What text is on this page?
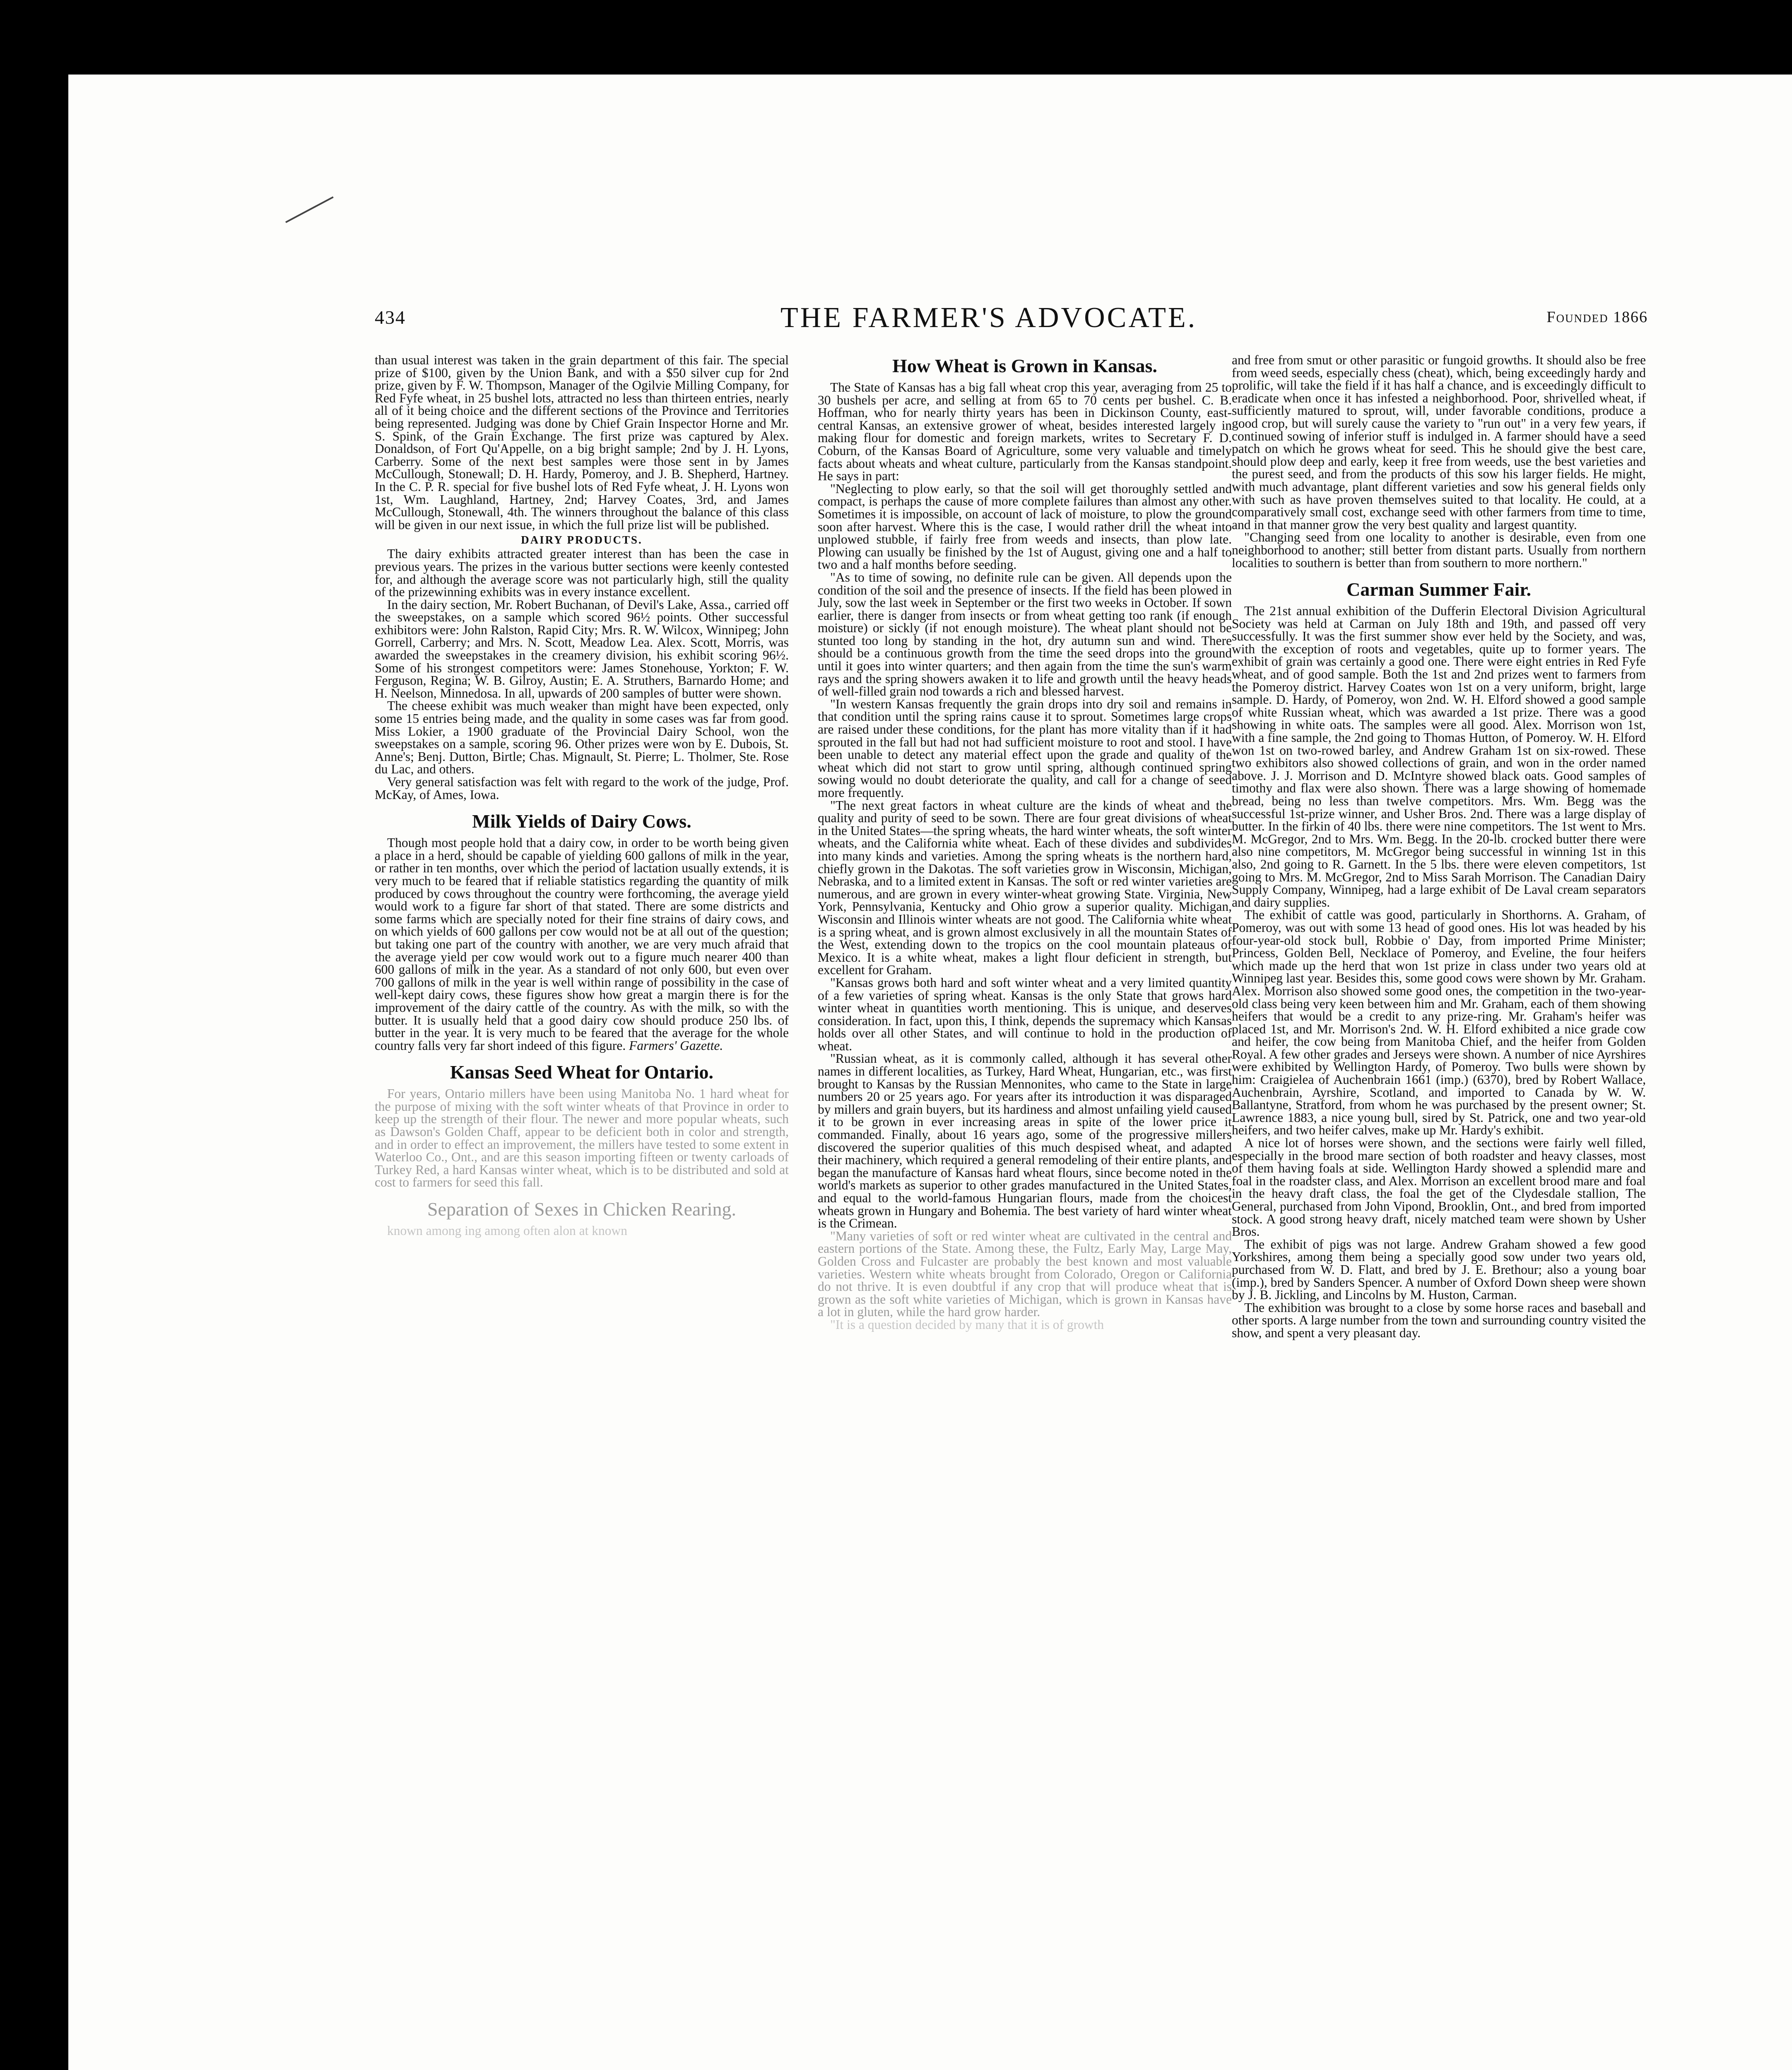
434	THE FARMER'S ADVOCATE.	Founded 1866

than usual interest was taken in the grain department of this fair. The special prize of $100, given by the Union Bank, and with a $50 silver cup for 2nd prize, given by F. W. Thompson, Manager of the Ogilvie Milling Company, for Red Fyfe wheat, in 25 bushel lots, attracted no less than thirteen entries, nearly all of it being choice and the different sections of the Province and Territories being represented. Judging was done by Chief Grain Inspector Horne and Mr. S. Spink, of the Grain Exchange. The first prize was captured by Alex. Donaldson, of Fort Qu'Appelle, on a big bright sample; 2nd by J. H. Lyons, Carberry. Some of the next best samples were those sent in by James McCullough, Stonewall; D. H. Hardy, Pomeroy, and J. B. Shepherd, Hartney. In the C. P. R. special for five bushel lots of Red Fyfe wheat, J. H. Lyons won 1st, Wm. Laughland, Hartney, 2nd; Harvey Coates, 3rd, and James McCullough, Stonewall, 4th. The winners throughout the balance of this class will be given in our next issue, in which the full prize list will be published.

DAIRY PRODUCTS.

The dairy exhibits attracted greater interest than has been the case in previous years. The prizes in the various butter sections were keenly contested for, and although the average score was not particularly high, still the quality of the prizewinning exhibits was in every instance excellent.

In the dairy section, Mr. Robert Buchanan, of Devil's Lake, Assa., carried off the sweepstakes, on a sample which scored 96½ points. Other successful exhibitors were: John Ralston, Rapid City; Mrs. R. W. Wilcox, Winnipeg; John Gorrell, Carberry; and Mrs. N. Scott, Meadow Lea. Alex. Scott, Morris, was awarded the sweepstakes in the creamery division, his exhibit scoring 96½. Some of his strongest competitors were: James Stonehouse, Yorkton; F. W. Ferguson, Regina; W. B. Gilroy, Austin; E. A. Struthers, Barnardo Home; and H. Neelson, Minnedosa. In all, upwards of 200 samples of butter were shown.

The cheese exhibit was much weaker than might have been expected, only some 15 entries being made, and the quality in some cases was far from good. Miss Lokier, a 1900 graduate of the Provincial Dairy School, won the sweepstakes on a sample, scoring 96. Other prizes were won by E. Dubois, St. Anne's; Benj. Dutton, Birtle; Chas. Mignault, St. Pierre; L. Tholmer, Ste. Rose du Lac, and others.

Very general satisfaction was felt with regard to the work of the judge, Prof. McKay, of Ames, Iowa.

Milk Yields of Dairy Cows.

Though most people hold that a dairy cow, in order to be worth being given a place in a herd, should be capable of yielding 600 gallons of milk in the year, or rather in ten months, over which the period of lactation usually extends, it is very much to be feared that if reliable statistics regarding the quantity of milk produced by cows throughout the country were forthcoming, the average yield would work to a figure far short of that stated. There are some districts and some farms which are specially noted for their fine strains of dairy cows, and on which yields of 600 gallons per cow would not be at all out of the question; but taking one part of the country with another, we are very much afraid that the average yield per cow would work out to a figure much nearer 400 than 600 gallons of milk in the year. As a standard of not only 600, but even over 700 gallons of milk in the year is well within range of possibility in the case of well-kept dairy cows, these figures show how great a margin there is for the improvement of the dairy cattle of the country. As with the milk, so with the butter. It is usually held that a good dairy cow should produce 250 lbs. of butter in the year. It is very much to be feared that the average for the whole country falls very far short indeed of this figure. Farmers' Gazette.

Kansas Seed Wheat for Ontario.

For years, Ontario millers have been using Manitoba No. 1 hard wheat for the purpose of mixing with the soft winter wheats of that Province in order to keep up the strength of their flour. The newer and more popular wheats, such as Dawson's Golden Chaff, appear to be deficient both in color and strength, and in order to effect an improvement, the millers have tested to some extent in Waterloo Co., Ont., and are this season importing fifteen or twenty carloads of Turkey Red, a hard Kansas winter wheat, which is to be distributed and sold at cost to farmers for seed this fall.

Separation of Sexes in Chicken Rearing.

known among ing among often alon at known

How Wheat is Grown in Kansas.

The State of Kansas has a big fall wheat crop this year, averaging from 25 to 30 bushels per acre, and selling at from 65 to 70 cents per bushel. C. B. Hoffman, who for nearly thirty years has been in Dickinson County, east-central Kansas, an extensive grower of wheat, besides interested largely in making flour for domestic and foreign markets, writes to Secretary F. D. Coburn, of the Kansas Board of Agriculture, some very valuable and timely facts about wheats and wheat culture, particularly from the Kansas standpoint. He says in part:

"Neglecting to plow early, so that the soil will get thoroughly settled and compact, is perhaps the cause of more complete failures than almost any other. Sometimes it is impossible, on account of lack of moisture, to plow the ground soon after harvest. Where this is the case, I would rather drill the wheat into unplowed stubble, if fairly free from weeds and insects, than plow late. Plowing can usually be finished by the 1st of August, giving one and a half to two and a half months before seeding.

"As to time of sowing, no definite rule can be given. All depends upon the condition of the soil and the presence of insects. If the field has been plowed in July, sow the last week in September or the first two weeks in October. If sown earlier, there is danger from insects or from wheat getting too rank (if enough moisture) or sickly (if not enough moisture). The wheat plant should not be stunted too long by standing in the hot, dry autumn sun and wind. There should be a continuous growth from the time the seed drops into the ground until it goes into winter quarters; and then again from the time the sun's warm rays and the spring showers awaken it to life and growth until the heavy heads of well-filled grain nod towards a rich and blessed harvest.

"In western Kansas frequently the grain drops into dry soil and remains in that condition until the spring rains cause it to sprout. Sometimes large crops are raised under these conditions, for the plant has more vitality than if it had sprouted in the fall but had not had sufficient moisture to root and stool. I have been unable to detect any material effect upon the grade and quality of the wheat which did not start to grow until spring, although continued spring sowing would no doubt deteriorate the quality, and call for a change of seed more frequently.

"The next great factors in wheat culture are the kinds of wheat and the quality and purity of seed to be sown. There are four great divisions of wheat in the United States—the spring wheats, the hard winter wheats, the soft winter wheats, and the California white wheat. Each of these divides and subdivides into many kinds and varieties. Among the spring wheats is the northern hard, chiefly grown in the Dakotas. The soft varieties grow in Wisconsin, Michigan, Nebraska, and to a limited extent in Kansas. The soft or red winter varieties are numerous, and are grown in every winter-wheat growing State. Virginia, New York, Pennsylvania, Kentucky and Ohio grow a superior quality. Michigan, Wisconsin and Illinois winter wheats are not good. The California white wheat is a spring wheat, and is grown almost exclusively in all the mountain States of the West, extending down to the tropics on the cool mountain plateaus of Mexico. It is a white wheat, makes a light flour deficient in strength, but excellent for Graham.

"Kansas grows both hard and soft winter wheat and a very limited quantity of a few varieties of spring wheat. Kansas is the only State that grows hard winter wheat in quantities worth mentioning. This is unique, and deserves consideration. In fact, upon this, I think, depends the supremacy which Kansas holds over all other States, and will continue to hold in the production of wheat.

"Russian wheat, as it is commonly called, although it has several other names in different localities, as Turkey, Hard Wheat, Hungarian, etc., was first brought to Kansas by the Russian Mennonites, who came to the State in large numbers 20 or 25 years ago. For years after its introduction it was disparaged by millers and grain buyers, but its hardiness and almost unfailing yield caused it to be grown in ever increasing areas in spite of the lower price it commanded. Finally, about 16 years ago, some of the progressive millers discovered the superior qualities of this much despised wheat, and adapted their machinery, which required a general remodeling of their entire plants, and began the manufacture of Kansas hard wheat flours, since become noted in the world's markets as superior to other grades manufactured in the United States, and equal to the world-famous Hungarian flours, made from the choicest wheats grown in Hungary and Bohemia. The best variety of hard winter wheat is the Crimean.

"Many varieties of soft or red winter wheat are cultivated in the central and eastern portions of the State. Among these, the Fultz, Early May, Large May, Golden Cross and Fulcaster are probably the best known and most valuable varieties. Western white wheats brought from Colorado, Oregon or California do not thrive. It is even doubtful if any crop that will produce wheat that is grown as the soft white varieties of Michigan, which is grown in Kansas have a lot in gluten, while the hard grow harder.

"It is a question decided by many that it is of growth

and free from smut or other parasitic or fungoid growths. It should also be free from weed seeds, especially chess (cheat), which, being exceedingly hardy and prolific, will take the field if it has half a chance, and is exceedingly difficult to eradicate when once it has infested a neighborhood. Poor, shrivelled wheat, if sufficiently matured to sprout, will, under favorable conditions, produce a good crop, but will surely cause the variety to "run out" in a very few years, if continued sowing of inferior stuff is indulged in. A farmer should have a seed patch on which he grows wheat for seed. This he should give the best care, should plow deep and early, keep it free from weeds, use the best varieties and the purest seed, and from the products of this sow his larger fields. He might, with much advantage, plant different varieties and sow his general fields only with such as have proven themselves suited to that locality. He could, at a comparatively small cost, exchange seed with other farmers from time to time, and in that manner grow the very best quality and largest quantity.

"Changing seed from one locality to another is desirable, even from one neighborhood to another; still better from distant parts. Usually from northern localities to southern is better than from southern to more northern."

Carman Summer Fair.

The 21st annual exhibition of the Dufferin Electoral Division Agricultural Society was held at Carman on July 18th and 19th, and passed off very successfully. It was the first summer show ever held by the Society, and was, with the exception of roots and vegetables, quite up to former years. The exhibit of grain was certainly a good one. There were eight entries in Red Fyfe wheat, and of good sample. Both the 1st and 2nd prizes went to farmers from the Pomeroy district. Harvey Coates won 1st on a very uniform, bright, large sample. D. Hardy, of Pomeroy, won 2nd. W. H. Elford showed a good sample of white Russian wheat, which was awarded a 1st prize. There was a good showing in white oats. The samples were all good. Alex. Morrison won 1st, with a fine sample, the 2nd going to Thomas Hutton, of Pomeroy. W. H. Elford won 1st on two-rowed barley, and Andrew Graham 1st on six-rowed. These two exhibitors also showed collections of grain, and won in the order named above. J. J. Morrison and D. McIntyre showed black oats. Good samples of timothy and flax were also shown. There was a large showing of homemade bread, being no less than twelve competitors. Mrs. Wm. Begg was the successful 1st-prize winner, and Usher Bros. 2nd. There was a large display of butter. In the firkin of 40 lbs. there were nine competitors. The 1st went to Mrs. M. McGregor, 2nd to Mrs. Wm. Begg. In the 20-lb. crocked butter there were also nine competitors, M. McGregor being successful in winning 1st in this also, 2nd going to R. Garnett. In the 5 lbs. there were eleven competitors, 1st going to Mrs. M. McGregor, 2nd to Miss Sarah Morrison. The Canadian Dairy Supply Company, Winnipeg, had a large exhibit of De Laval cream separators and dairy supplies.

The exhibit of cattle was good, particularly in Shorthorns. A. Graham, of Pomeroy, was out with some 13 head of good ones. His lot was headed by his four-year-old stock bull, Robbie o' Day, from imported Prime Minister; Princess, Golden Bell, Necklace of Pomeroy, and Eveline, the four heifers which made up the herd that won 1st prize in class under two years old at Winnipeg last year. Besides this, some good cows were shown by Mr. Graham. Alex. Morrison also showed some good ones, the competition in the two-year-old class being very keen between him and Mr. Graham, each of them showing heifers that would be a credit to any prize-ring. Mr. Graham's heifer was placed 1st, and Mr. Morrison's 2nd. W. H. Elford exhibited a nice grade cow and heifer, the cow being from Manitoba Chief, and the heifer from Golden Royal. A few other grades and Jerseys were shown. A number of nice Ayrshires were exhibited by Wellington Hardy, of Pomeroy. Two bulls were shown by him: Craigielea of Auchenbrain 1661 (imp.) (6370), bred by Robert Wallace, Auchenbrain, Ayrshire, Scotland, and imported to Canada by W. W. Ballantyne, Stratford, from whom he was purchased by the present owner; St. Lawrence 1883, a nice young bull, sired by St. Patrick, one and two year-old heifers, and two heifer calves, make up Mr. Hardy's exhibit.

A nice lot of horses were shown, and the sections were fairly well filled, especially in the brood mare section of both roadster and heavy classes, most of them having foals at side. Wellington Hardy showed a splendid mare and foal in the roadster class, and Alex. Morrison an excellent brood mare and foal in the heavy draft class, the foal the get of the Clydesdale stallion, The General, purchased from John Vipond, Brooklin, Ont., and bred from imported stock. A good strong heavy draft, nicely matched team were shown by Usher Bros.

The exhibit of pigs was not large. Andrew Graham showed a few good Yorkshires, among them being a specially good sow under two years old, purchased from W. D. Flatt, and bred by J. E. Brethour; also a young boar (imp.), bred by Sanders Spencer. A number of Oxford Down sheep were shown by J. B. Jickling, and Lincolns by M. Huston, Carman.

The exhibition was brought to a close by some horse races and baseball and other sports. A large number from the town and surrounding country visited the show, and spent a very pleasant day.
